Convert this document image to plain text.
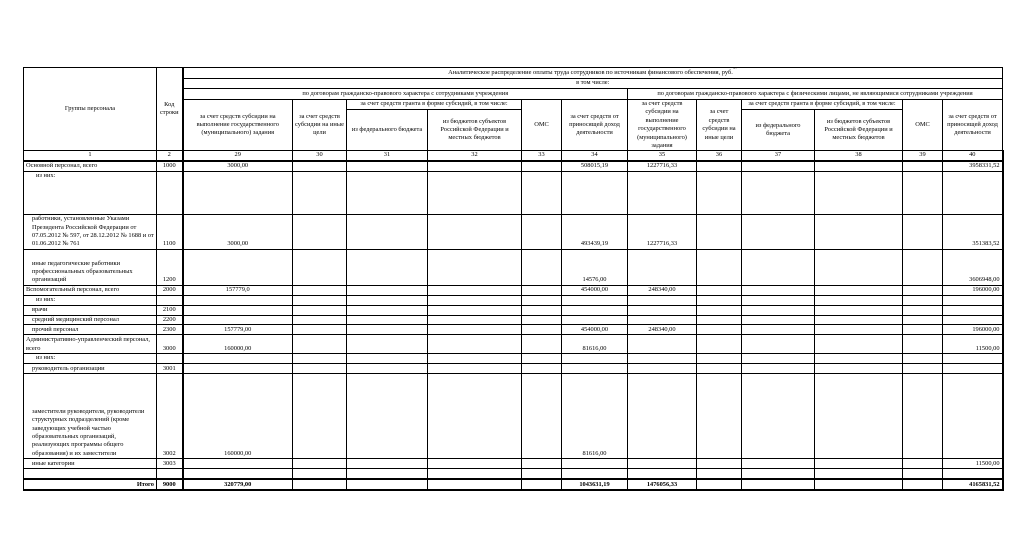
Группы персонала	Код строки	Аналитическое распределение оплаты труда сотрудников по источникам финансового обеспечения, руб.											
		в том числе:											
		по договорам гражданско-правового характера с сотрудниками учреждения						по договорам гражданско-правового характера с физическими лицами, не являющимися сотрудниками учреждения					
		за счет средств субсидии на выполнение государственного (муниципального) задания	за счет средств субсидии на иные цели	за счет средств гранта в форме субсидий, в том числе:		ОМС	за счет средств от приносящей доход деятельности	за счет средств субсидии на выполнение государственного (муниципального) задания	за счет средств субсидии на иные цели	за счет средств гранта в форме субсидий, в том числе:		ОМС	за счет средств от приносящей доход деятельности
				из федерального бюджета	из бюджетов субъектов Российской Федерации и местных бюджетов					из федерального бюджета	из бюджетов субъектов Российской Федерации и местных бюджетов		
1	2	29	30	31	32	33	34	35	36	37	38	39	40
Основной персонал, всего	1000	3000,00					508015,19	1227716,33					3958331,52
из них:													
работники, установленные Указами Президента Российской Федерации от 07.05.2012 № 597, от 28.12.2012 № 1688 и от 01.06.2012 № 761	1100	3000,00					493439,19	1227716,33					351383,52
иные педагогические работники профессиональных образовательных организаций	1200						14576,00						3606948,00
Вспомогательный персонал, всего	2000	157779,0					454000,00	248340,00					196000,00
из них:													
врачи	2100												
средний медицинский персонал	2200												
прочий персонал	2300	157779,00					454000,00	248340,00					196000,00
Административно-управленческий персонал, всего	3000	160000,00					81616,00						11500,00
из них:													
руководитель организации	3001												
заместители руководителя, руководители структурных подразделений (кроме заведующих учебной частью образовательных организаций, реализующих программы общего образования) и их заместители	3002	160000,00					81616,00						
иные категории	3003												11500,00

Итого	9000	320779,00					1043631,19	1476056,33					4165831,52
